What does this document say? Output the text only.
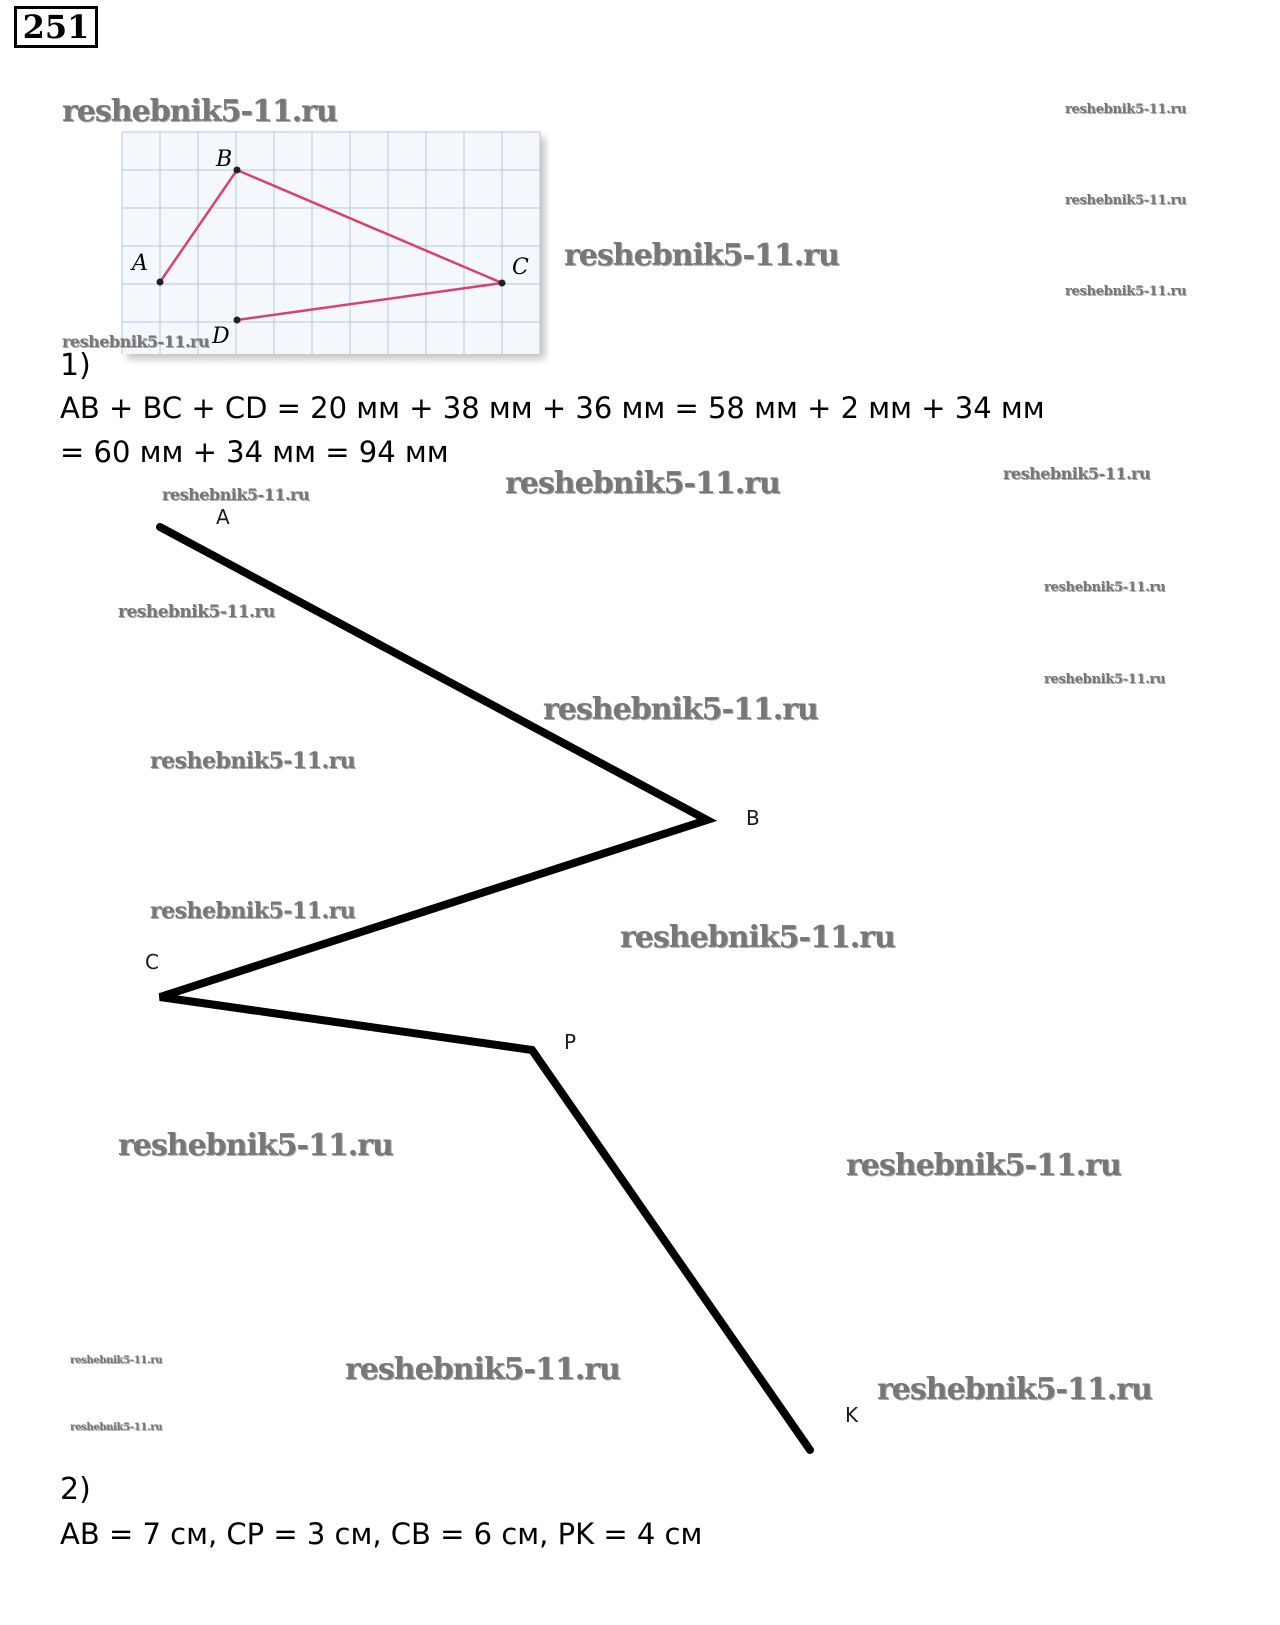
251
A
B
C
D
1)
AB + BC + CD = 20 мм + 38 мм + 36 мм = 58 мм + 2 мм + 34 мм
= 60 мм + 34 мм = 94 мм
A
B
C
P
K
2)
AB = 7 см, CP = 3 см, CB = 6 см, PK = 4 см
reshebnik5-11.ru	reshebnik5-11.ru
reshebnik5-11.ru
reshebnik5-11.ru
reshebnik5-11.ru
reshebnik5-11.ru
reshebnik5-11.ru	reshebnik5-11.ru
reshebnik5-11.ru
reshebnik5-11.ru
reshebnik5-11.ru
reshebnik5-11.ru
reshebnik5-11.ru
reshebnik5-11.ru
reshebnik5-11.ru
reshebnik5-11.ru
reshebnik5-11.ru
reshebnik5-11.ru
reshebnik5-11.ru	reshebnik5-11.ru
reshebnik5-11.ru
reshebnik5-11.ru
